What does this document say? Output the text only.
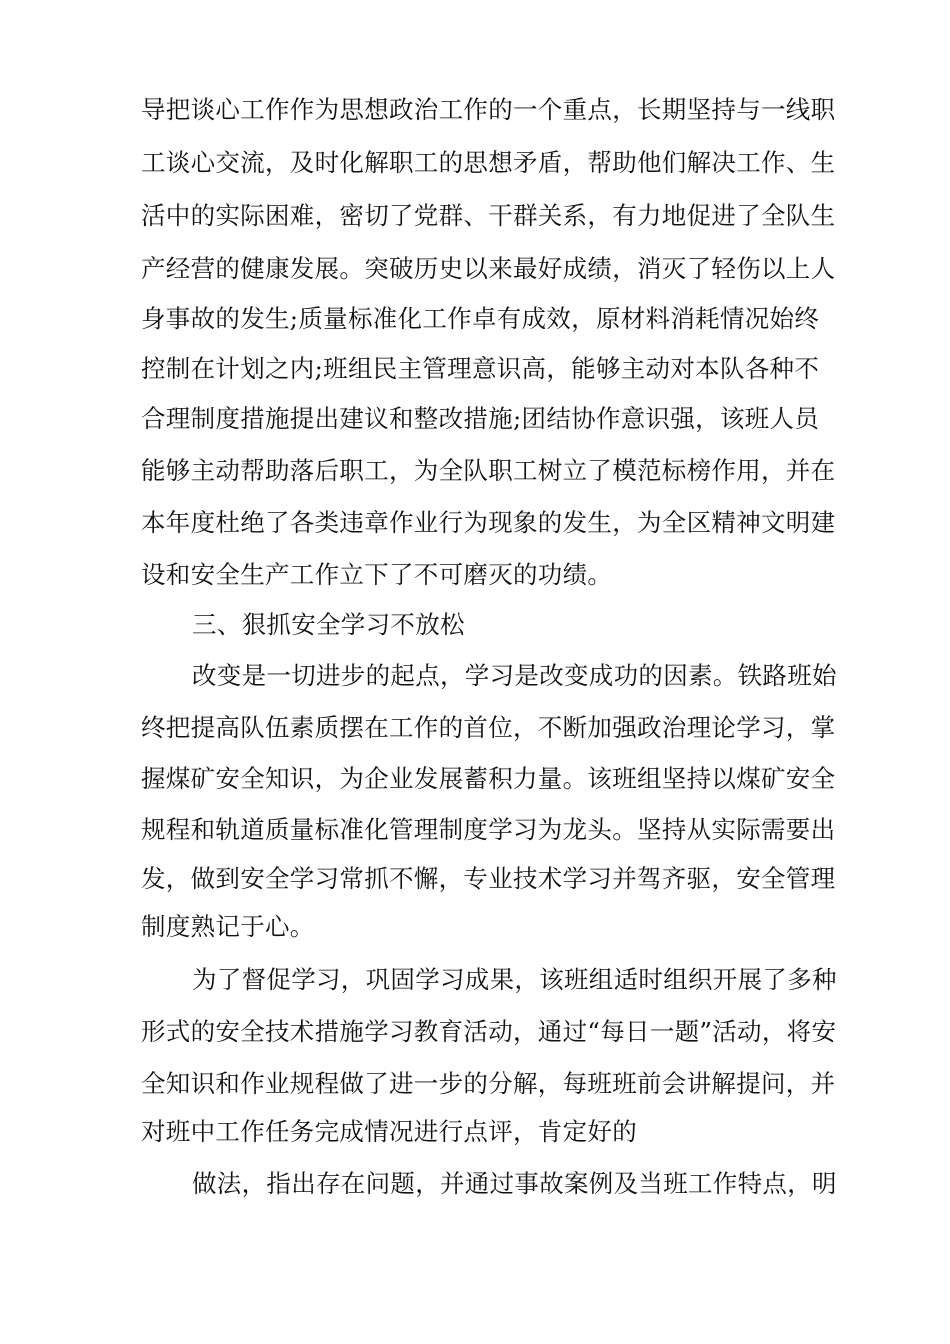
导把谈心工作作为思想政治工作的一个重点，长期坚持与一线职
工谈心交流，及时化解职工的思想矛盾，帮助他们解决工作、生
活中的实际困难，密切了党群、干群关系，有力地促进了全队生
产经营的健康发展。突破历史以来最好成绩，消灭了轻伤以上人
身事故的发生;质量标准化工作卓有成效，原材料消耗情况始终
控制在计划之内;班组民主管理意识高，能够主动对本队各种不
合理制度措施提出建议和整改措施;团结协作意识强，该班人员
能够主动帮助落后职工，为全队职工树立了模范标榜作用，并在
本年度杜绝了各类违章作业行为现象的发生，为全区精神文明建
设和安全生产工作立下了不可磨灭的功绩。
三、狠抓安全学习不放松
改变是一切进步的起点，学习是改变成功的因素。铁路班始
终把提高队伍素质摆在工作的首位，不断加强政治理论学习，掌
握煤矿安全知识，为企业发展蓄积力量。该班组坚持以煤矿安全
规程和轨道质量标准化管理制度学习为龙头。坚持从实际需要出
发，做到安全学习常抓不懈，专业技术学习并驾齐驱，安全管理
制度熟记于心。
为了督促学习，巩固学习成果，该班组适时组织开展了多种
形式的安全技术措施学习教育活动，通过“每日一题”活动，将安
全知识和作业规程做了进一步的分解，每班班前会讲解提问，并
对班中工作任务完成情况进行点评，肯定好的
做法，指出存在问题，并通过事故案例及当班工作特点，明
